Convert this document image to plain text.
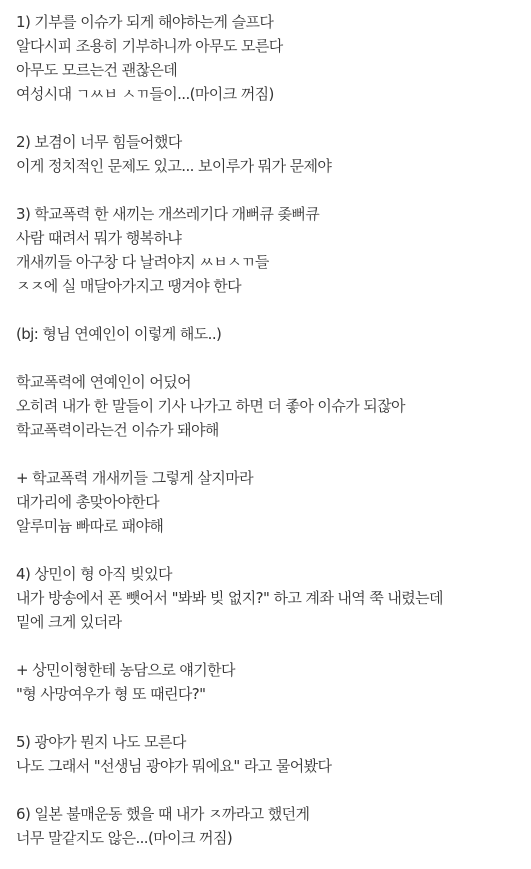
1) 기부를 이슈가 되게 해야하는게 슬프다
알다시피 조용히 기부하니까 아무도 모른다
아무도 모르는건 괜찮은데
여성시대 ㄱㅆㅂ ㅅㄲ들이...(마이크 꺼짐)
2) 보겸이 너무 힘들어했다
이게 정치적인 문제도 있고... 보이루가 뭐가 문제야
3) 학교폭력 한 새끼는 개쓰레기다 개뻐큐 좆뻐큐
사람 때려서 뭐가 행복하냐
개새끼들 아구창 다 날려야지 ㅆㅂㅅㄲ들
ㅈㅈ에 실 매달아가지고 땡겨야 한다
(bj: 형님 연예인이 이렇게 해도..)
학교폭력에 연예인이 어딨어
오히려 내가 한 말들이 기사 나가고 하면 더 좋아 이슈가 되잖아
학교폭력이라는건 이슈가 돼야해
+ 학교폭력 개새끼들 그렇게 살지마라
대가리에 총맞아야한다
알루미늄 빠따로 패야해
4) 상민이 형 아직 빚있다
내가 방송에서 폰 뺏어서 "봐봐 빚 없지?" 하고 계좌 내역 쭉 내렸는데
밑에 크게 있더라
+ 상민이형한테 농담으로 얘기한다
"형 사망여우가 형 또 때린다?"
5) 광야가 뭔지 나도 모른다
나도 그래서 "선생님 광야가 뭐에요" 라고 물어봤다
6) 일본 불매운동 했을 때 내가 ㅈ까라고 했던게
너무 말같지도 않은...(마이크 꺼짐)
